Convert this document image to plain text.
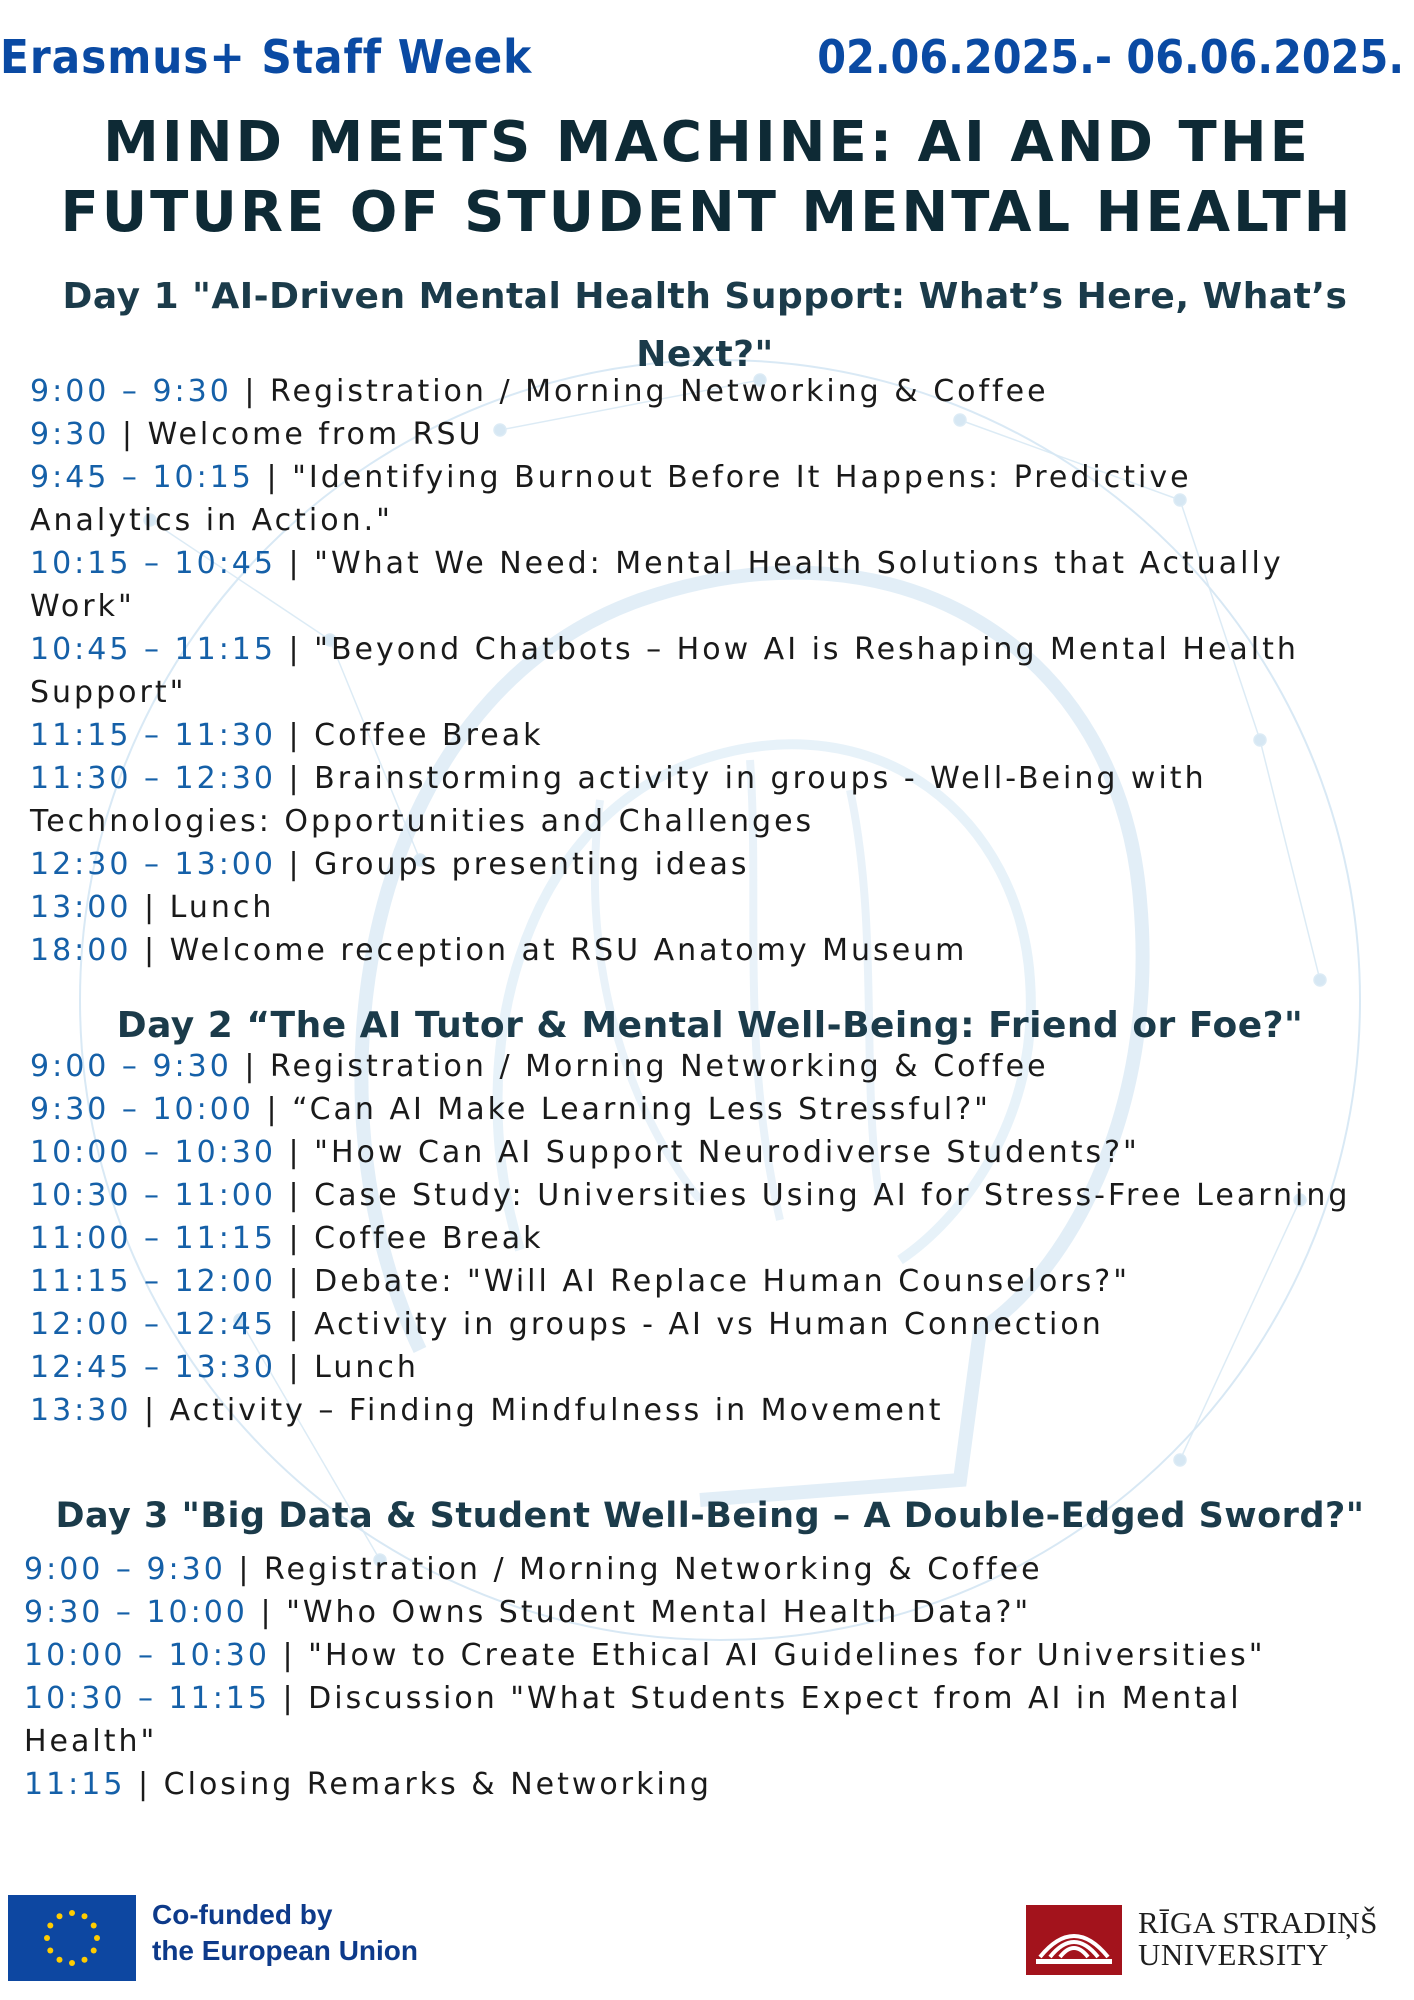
Erasmus+ Staff Week	02.06.2025.- 06.06.2025.
MIND MEETS MACHINE: AI AND THE
FUTURE OF STUDENT MENTAL HEALTH
Day 1 "AI-Driven Mental Health Support: What’s Here, What’s Next?"
9:00 – 9:30 | Registration / Morning Networking & Coffee
9:30 | Welcome from RSU
9:45 – 10:15 | "Identifying Burnout Before It Happens: Predictive Analytics in Action."
10:15 – 10:45 | "What We Need: Mental Health Solutions that Actually Work"
10:45 – 11:15 | "Beyond Chatbots – How AI is Reshaping Mental Health Support"
11:15 – 11:30 | Coffee Break
11:30 – 12:30 | Brainstorming activity in groups - Well-Being with Technologies: Opportunities and Challenges
12:30 – 13:00 | Groups presenting ideas
13:00 | Lunch
18:00 | Welcome reception at RSU Anatomy Museum
Day 2 “The AI Tutor & Mental Well-Being: Friend or Foe?"
9:00 – 9:30 | Registration / Morning Networking & Coffee
9:30 – 10:00 | “Can AI Make Learning Less Stressful?"
10:00 – 10:30 | "How Can AI Support Neurodiverse Students?"
10:30 – 11:00 | Case Study: Universities Using AI for Stress-Free Learning
11:00 – 11:15 | Coffee Break
11:15 – 12:00 | Debate: "Will AI Replace Human Counselors?"
12:00 – 12:45 | Activity in groups - AI vs Human Connection
12:45 – 13:30 | Lunch
13:30 | Activity – Finding Mindfulness in Movement
Day 3 "Big Data & Student Well-Being – A Double-Edged Sword?"
9:00 – 9:30 | Registration / Morning Networking & Coffee
9:30 – 10:00 | "Who Owns Student Mental Health Data?"
10:00 – 10:30 | "How to Create Ethical AI Guidelines for Universities"
10:30 – 11:15 | Discussion "What Students Expect from AI in Mental Health"
11:15 | Closing Remarks & Networking
Co-funded by
the European Union
RĪGA STRADIŅŠ
UNIVERSITY
